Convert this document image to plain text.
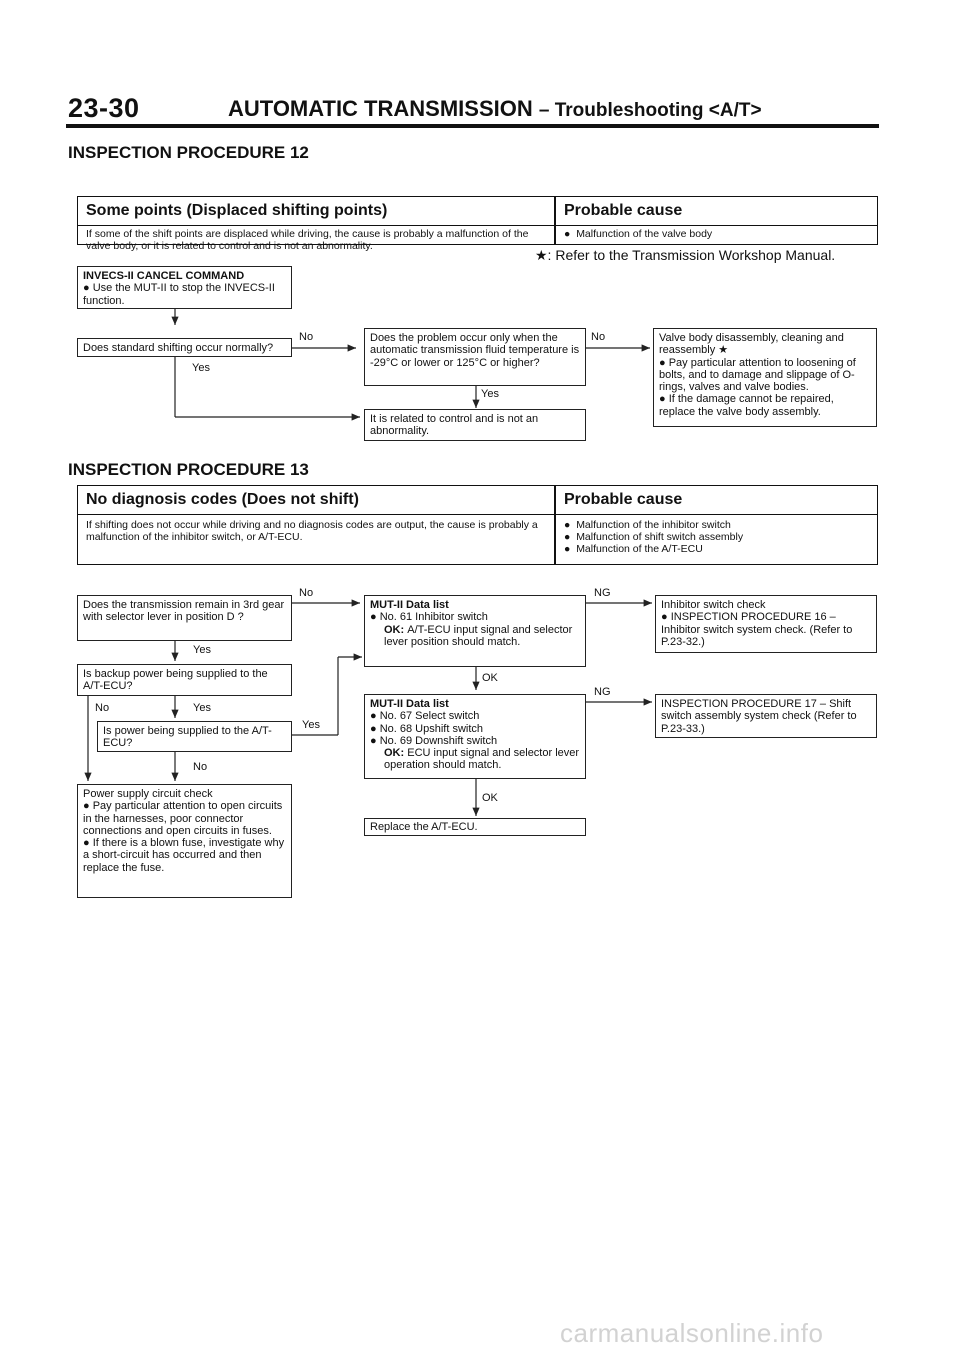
23-30	AUTOMATIC TRANSMISSION – Troubleshooting <A/T>
INSPECTION PROCEDURE 12
Some points (Displaced shifting points)	Probable cause
If some of the shift points are displaced while driving, the cause is probably a malfunction of the valve body, or it is related to control and is not an abnormality.
●  Malfunction of the valve body
★: Refer to the Transmission Workshop Manual.
INVECS-II CANCEL COMMAND

● Use the MUT-II to stop the INVECS-II function.
Does standard shifting occur normally?
Does the problem occur only when the automatic transmission fluid temperature is -29°C or lower or 125°C or higher?
It is related to control and is not an abnormality.
Valve body disassembly, cleaning and reassembly ★

● Pay particular attention to loosening of bolts, and to damage and slippage of O-rings, valves and valve bodies.
● If the damage cannot be repaired, replace the valve body assembly.
No
Yes
No
Yes
INSPECTION PROCEDURE 13
No diagnosis codes (Does not shift)	Probable cause
If shifting does not occur while driving and no diagnosis codes are output, the cause is probably a malfunction of the inhibitor switch, or A/T-ECU.
●  Malfunction of the inhibitor switch
●  Malfunction of shift switch assembly
●  Malfunction of the A/T-ECU
Does the transmission remain in 3rd gear with selector lever in position D ?
Is backup power being supplied to the A/T-ECU?
Is power being supplied to the A/T-ECU?
Power supply circuit check

● Pay particular attention to open circuits in the harnesses, poor connector connections and open circuits in fuses.
● If there is a blown fuse, investigate why a short-circuit has occurred and then replace the fuse.
MUT-II Data list

● No. 61 Inhibitor switch
OK: A/T-ECU input signal and selector lever position should match.
MUT-II Data list

● No. 67 Select switch
● No. 68 Upshift switch
● No. 69 Downshift switch
OK: ECU input signal and selector lever operation should match.
Replace the A/T-ECU.
Inhibitor switch check

● INSPECTION PROCEDURE 16 – Inhibitor switch system check. (Refer to P.23-32.)
INSPECTION PROCEDURE 17 – Shift switch assembly system check (Refer to P.23-33.)
No
Yes
No	Yes
Yes
No
OK
OK
NG
NG
carmanualsonline.info
